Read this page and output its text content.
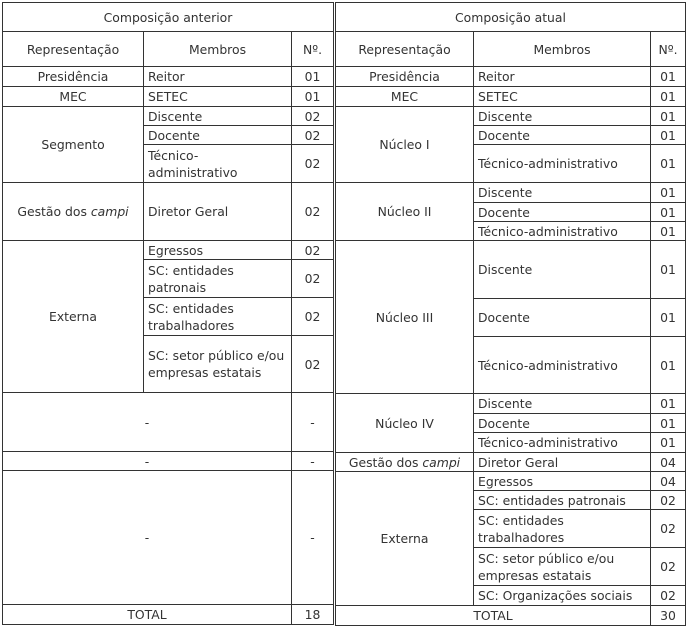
Composição anterior		
Representação	Membros	Nº.
Presidência	Reitor	01
MEC	SETEC	01
Segmento	Discente	02
	Docente	02
	Técnico-administrativo	02
Gestão dos campi	Diretor Geral	02
Externa	Egressos	02
	SC: entidades patronais	02
	SC: entidades trabalhadores	02
	SC: setor público e/ou empresas estatais	02
-		-
-		-
-		-
TOTAL		18
Composição atual		
Representação	Membros	Nº.
Presidência	Reitor	01
MEC	SETEC	01
Núcleo I	Discente	01
	Docente	01
	Técnico-administrativo	01
Núcleo II	Discente	01
	Docente	01
	Técnico-administrativo	01
Núcleo III	Discente	01
	Docente	01
	Técnico-administrativo	01
Núcleo IV	Discente	01
	Docente	01
	Técnico-administrativo	01
Gestão dos campi	Diretor Geral	04
Externa	Egressos	04
	SC: entidades patronais	02
	SC: entidades trabalhadores	02
	SC: setor público e/ou empresas estatais	02
	SC: Organizações sociais	02
TOTAL		30
